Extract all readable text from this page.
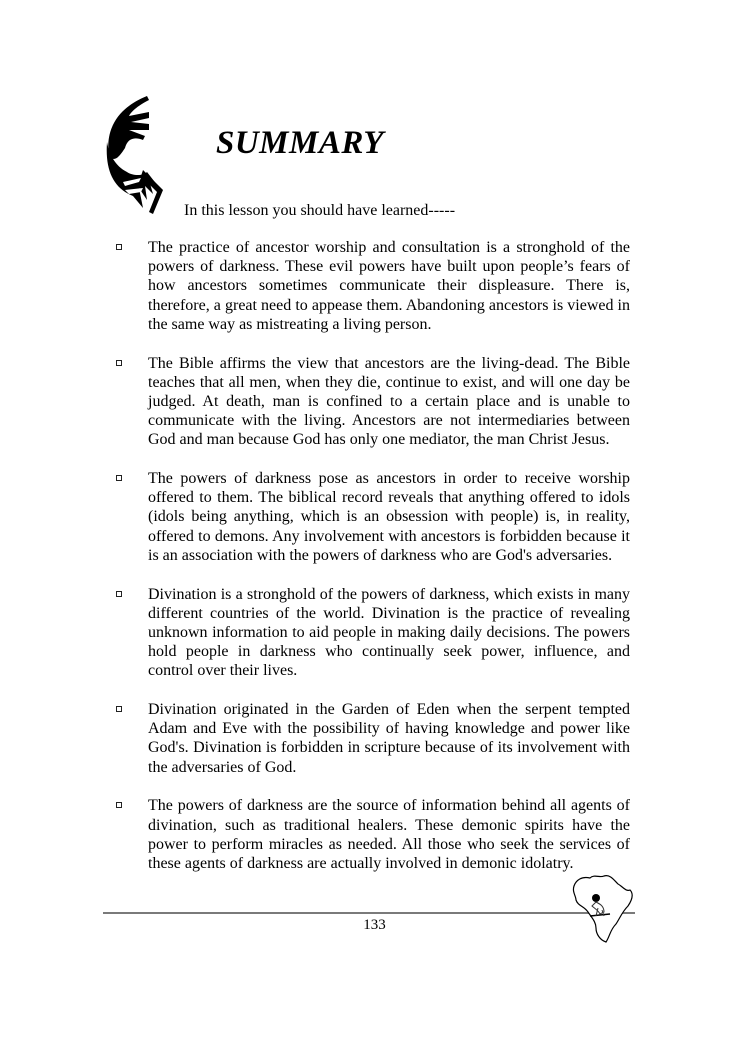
SUMMARY

In this lesson you should have learned-----

The practice of ancestor worship and consultation is a stronghold of the powers of darkness. These evil powers have built upon people’s fears of how ancestors sometimes communicate their displeasure. There is, therefore, a great need to appease them. Abandoning ancestors is viewed in the same way as mistreating a living person.
The Bible affirms the view that ancestors are the living-dead. The Bible teaches that all men, when they die, continue to exist, and will one day be judged. At death, man is confined to a certain place and is unable to communicate with the living. Ancestors are not intermediaries between God and man because God has only one mediator, the man Christ Jesus.
The powers of darkness pose as ancestors in order to receive worship offered to them. The biblical record reveals that anything offered to idols (idols being anything, which is an obsession with people) is, in reality, offered to demons. Any involvement with ancestors is forbidden because it is an association with the powers of darkness who are God's adversaries.
Divination is a stronghold of the powers of darkness, which exists in many different countries of the world. Divination is the practice of revealing unknown information to aid people in making daily decisions. The powers hold people in darkness who continually seek power, influence, and control over their lives.
Divination originated in the Garden of Eden when the serpent tempted Adam and Eve with the possibility of having knowledge and power like God's. Divination is forbidden in scripture because of its involvement with the adversaries of God.
The powers of darkness are the source of information behind all agents of divination, such as traditional healers. These demonic spirits have the power to perform miracles as needed. All those who seek the services of these agents of darkness are actually involved in demonic idolatry.
133
